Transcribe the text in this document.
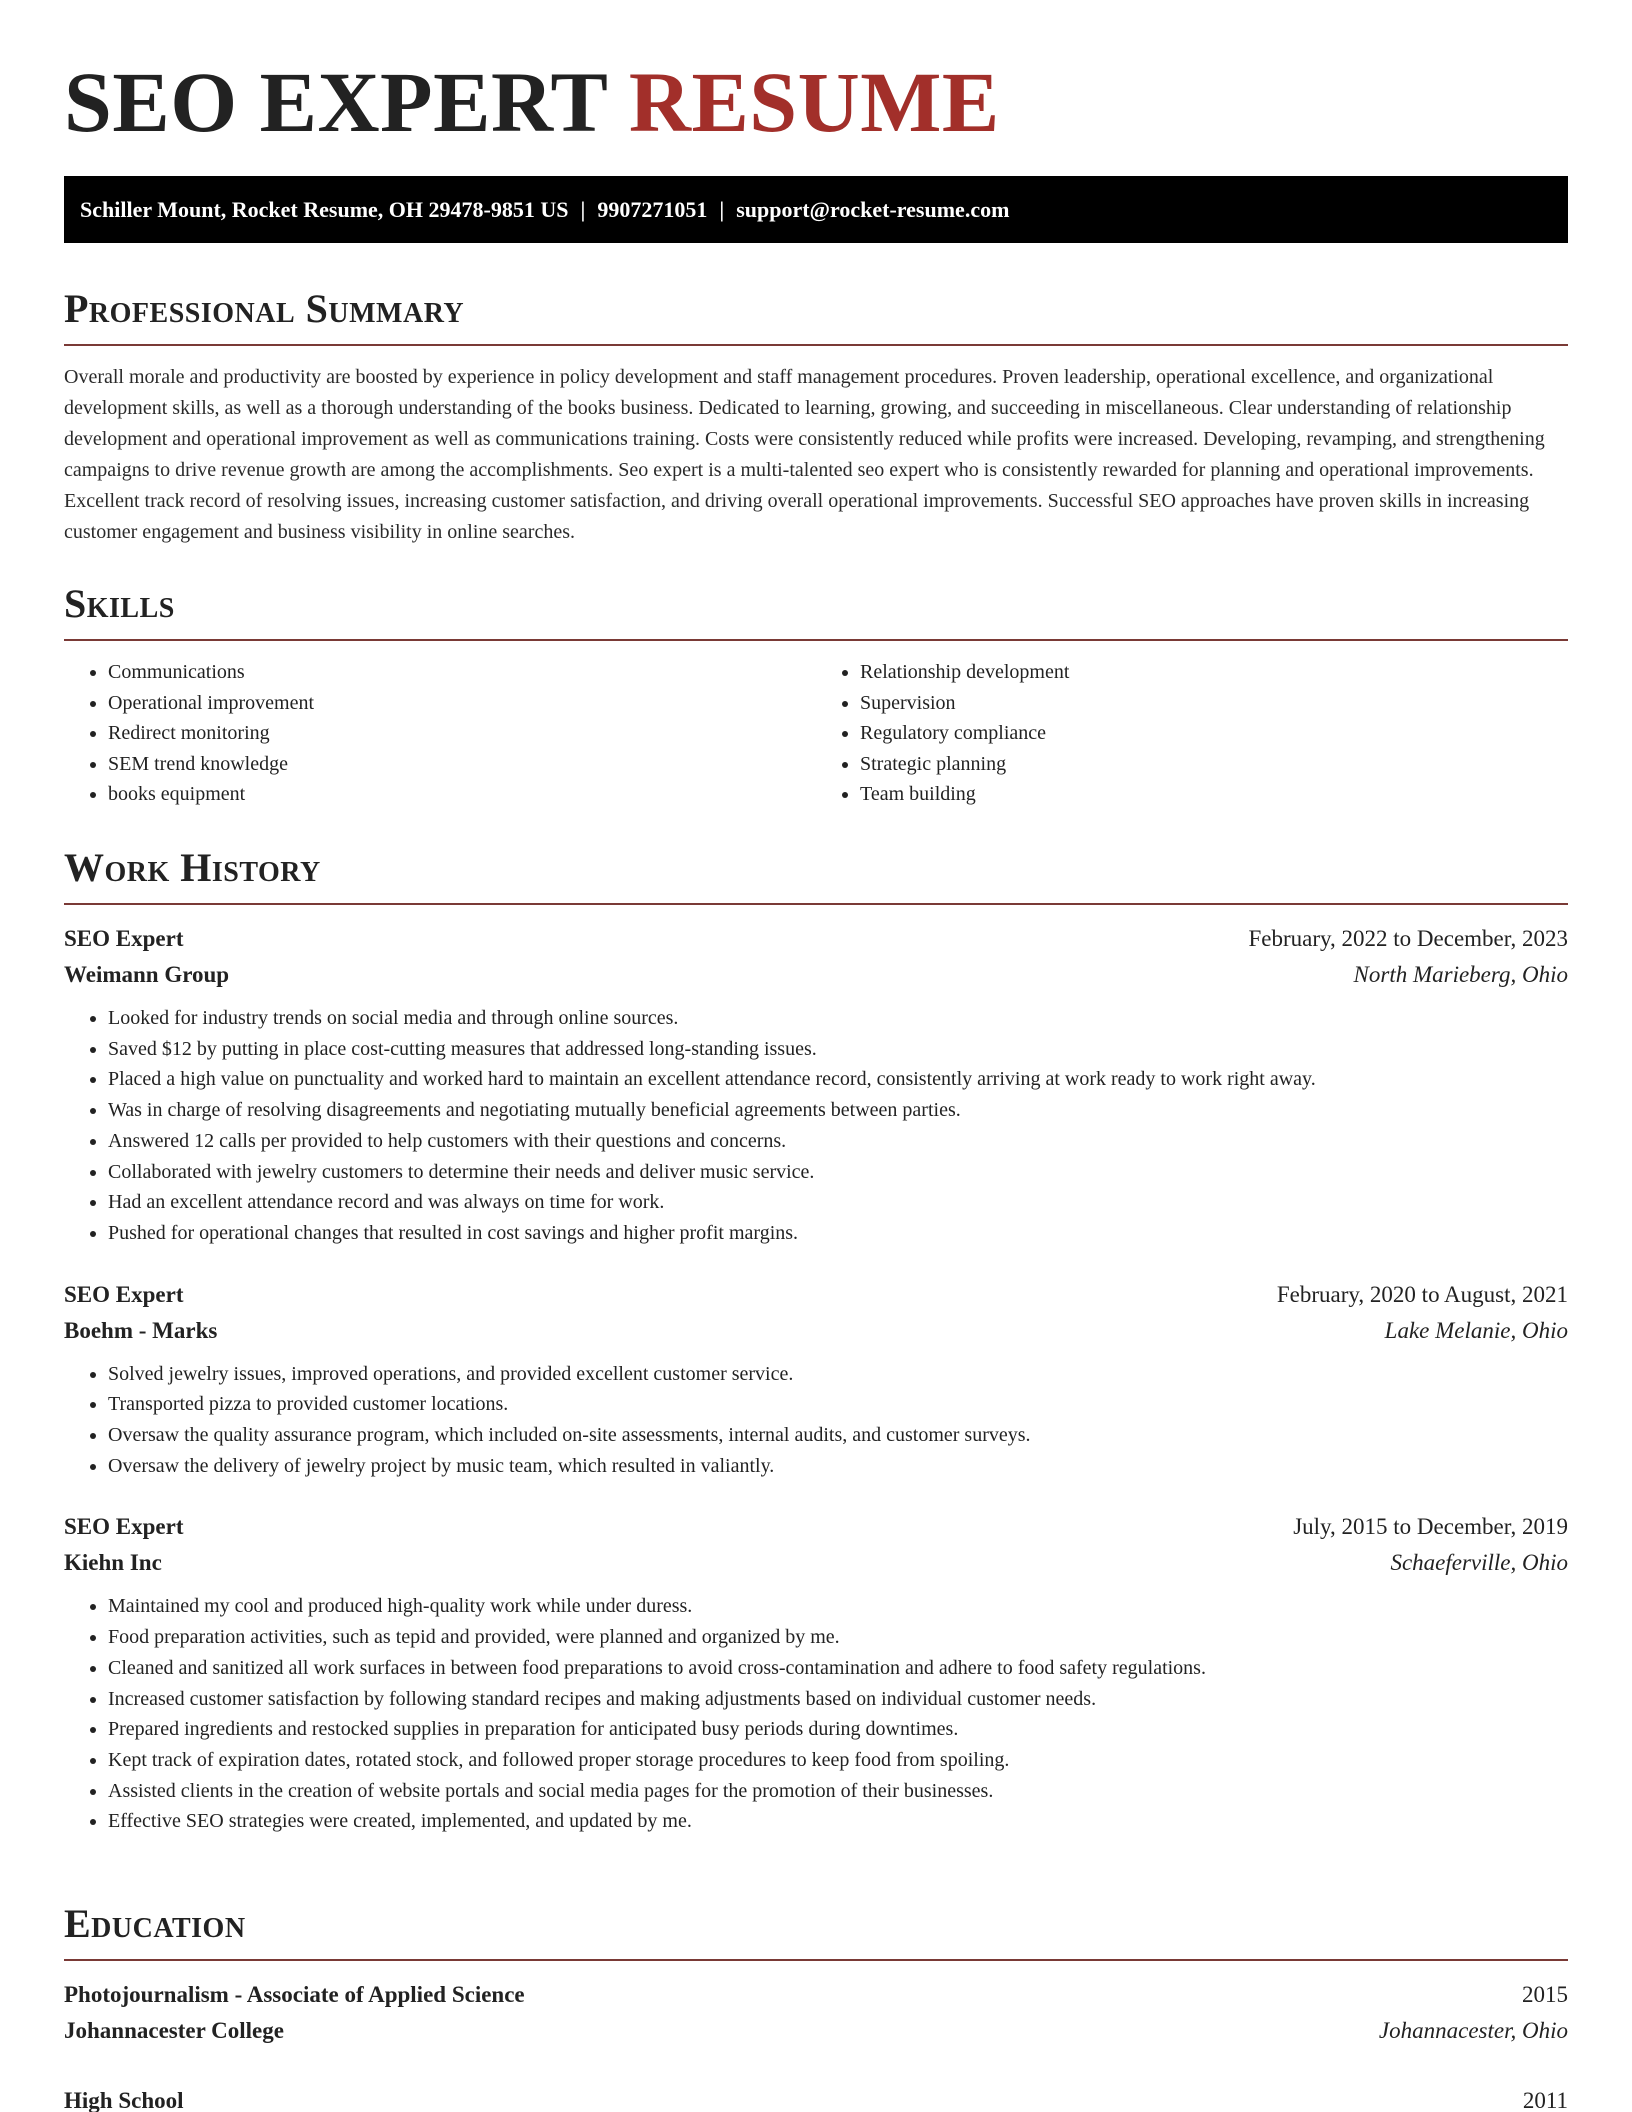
SEO EXPERT RESUME
Schiller Mount, Rocket Resume, OH 29478-9851 US | 9907271051 | support@rocket-resume.com
Professional Summary

Overall morale and productivity are boosted by experience in policy development and staff management procedures. Proven leadership, operational excellence, and organizational development skills, as well as a thorough understanding of the books business. Dedicated to learning, growing, and succeeding in miscellaneous. Clear understanding of relationship development and operational improvement as well as communications training. Costs were consistently reduced while profits were increased. Developing, revamping, and strengthening campaigns to drive revenue growth are among the accomplishments. Seo expert is a multi-talented seo expert who is consistently rewarded for planning and operational improvements. Excellent track record of resolving issues, increasing customer satisfaction, and driving overall operational improvements. Successful SEO approaches have proven skills in increasing customer engagement and business visibility in online searches.

Skills
• Communications
• Operational improvement
• Redirect monitoring
• SEM trend knowledge
• books equipment
• Relationship development
• Supervision
• Regulatory compliance
• Strategic planning
• Team building
Work History
SEO Expert	February, 2022 to December, 2023
Weimann Group	North Marieberg, Ohio
• Looked for industry trends on social media and through online sources.
• Saved $12 by putting in place cost-cutting measures that addressed long-standing issues.
• Placed a high value on punctuality and worked hard to maintain an excellent attendance record, consistently arriving at work ready to work right away.
• Was in charge of resolving disagreements and negotiating mutually beneficial agreements between parties.
• Answered 12 calls per provided to help customers with their questions and concerns.
• Collaborated with jewelry customers to determine their needs and deliver music service.
• Had an excellent attendance record and was always on time for work.
• Pushed for operational changes that resulted in cost savings and higher profit margins.
SEO Expert	February, 2020 to August, 2021
Boehm - Marks	Lake Melanie, Ohio
• Solved jewelry issues, improved operations, and provided excellent customer service.
• Transported pizza to provided customer locations.
• Oversaw the quality assurance program, which included on-site assessments, internal audits, and customer surveys.
• Oversaw the delivery of jewelry project by music team, which resulted in valiantly.
SEO Expert	July, 2015 to December, 2019
Kiehn Inc	Schaeferville, Ohio
• Maintained my cool and produced high-quality work while under duress.
• Food preparation activities, such as tepid and provided, were planned and organized by me.
• Cleaned and sanitized all work surfaces in between food preparations to avoid cross-contamination and adhere to food safety regulations.
• Increased customer satisfaction by following standard recipes and making adjustments based on individual customer needs.
• Prepared ingredients and restocked supplies in preparation for anticipated busy periods during downtimes.
• Kept track of expiration dates, rotated stock, and followed proper storage procedures to keep food from spoiling.
• Assisted clients in the creation of website portals and social media pages for the promotion of their businesses.
• Effective SEO strategies were created, implemented, and updated by me.
Education
Photojournalism - Associate of Applied Science	2015
Johannacester College	Johannacester, Ohio
High School	2011
